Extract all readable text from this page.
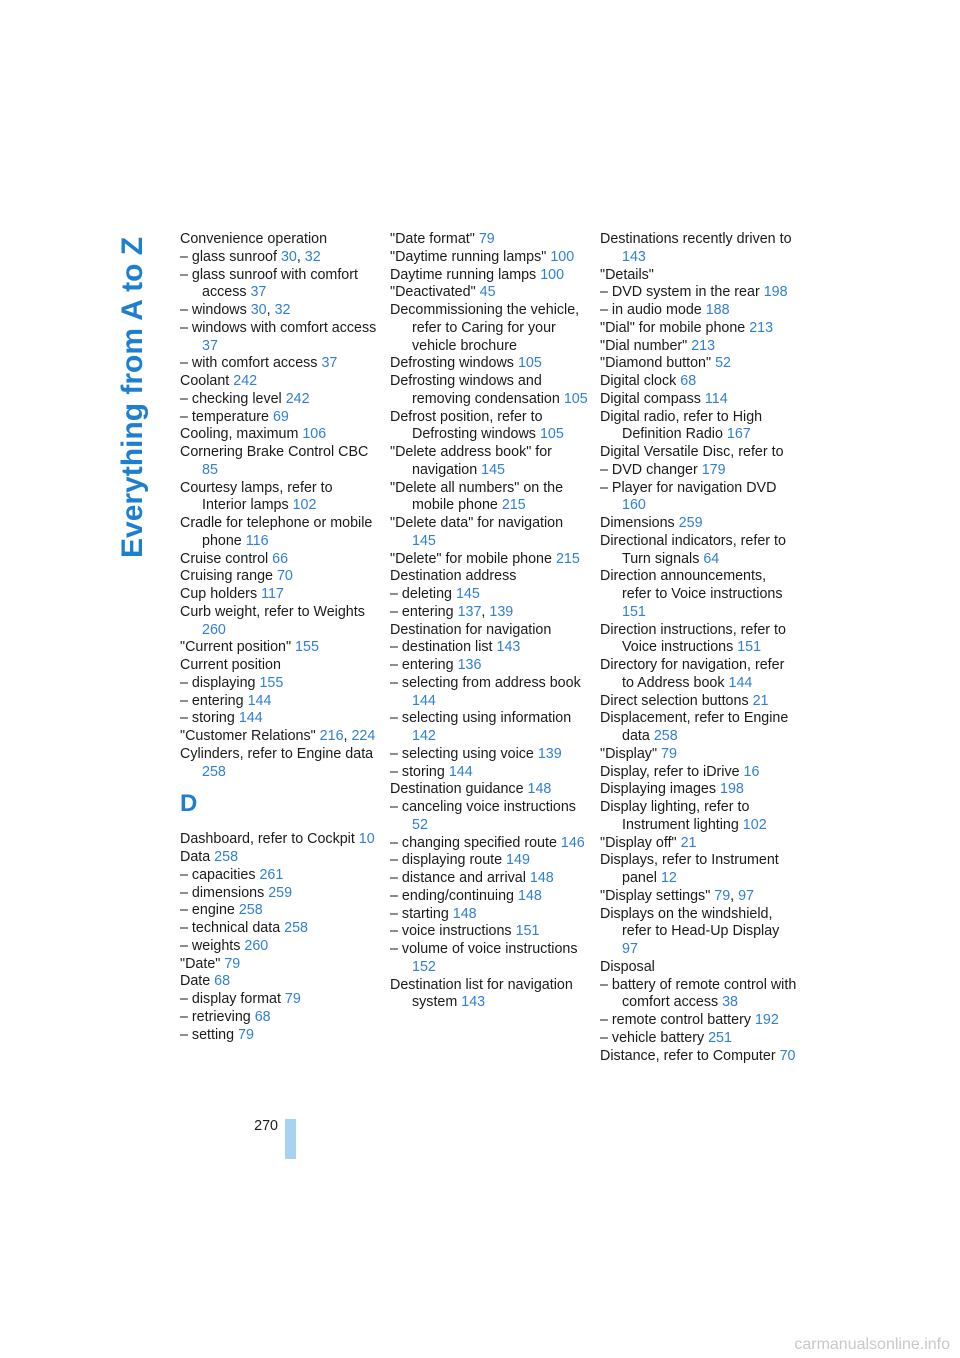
Everything from A to Z Convenience operation
– glass sunroof 30, 32
– glass sunroof with comfort access 37
– windows 30, 32
– windows with comfort access 37
– with comfort access 37
Coolant 242
– checking level 242
– temperature 69
Cooling, maximum 106
Cornering Brake Control CBC 85
Courtesy lamps, refer to Interior lamps 102
Cradle for telephone or mobile phone 116
Cruise control 66
Cruising range 70
Cup holders 117
Curb weight, refer to Weights 260
"Current position" 155
Current position
– displaying 155
– entering 144
– storing 144
"Customer Relations" 216, 224
Cylinders, refer to Engine data 258
D
Dashboard, refer to Cockpit 10
Data 258
– capacities 261
– dimensions 259
– engine 258
– technical data 258
– weights 260
"Date" 79
Date 68
– display format 79
– retrieving 68
– setting 79
"Date format" 79
"Daytime running lamps" 100
Daytime running lamps 100
"Deactivated" 45
Decommissioning the vehicle, refer to Caring for your vehicle brochure
Defrosting windows 105
Defrosting windows and removing condensation 105
Defrost position, refer to Defrosting windows 105
"Delete address book" for navigation 145
"Delete all numbers" on the mobile phone 215
"Delete data" for navigation 145
"Delete" for mobile phone 215
Destination address
– deleting 145
– entering 137, 139
Destination for navigation
– destination list 143
– entering 136
– selecting from address book 144
– selecting using information 142
– selecting using voice 139
– storing 144
Destination guidance 148
– canceling voice instructions 52
– changing specified route 146
– displaying route 149
– distance and arrival 148
– ending/continuing 148
– starting 148
– voice instructions 151
– volume of voice instructions 152
Destination list for navigation system 143
Destinations recently driven to 143
"Details"
– DVD system in the rear 198
– in audio mode 188
"Dial" for mobile phone 213
"Dial number" 213
"Diamond button" 52
Digital clock 68
Digital compass 114
Digital radio, refer to High Definition Radio 167
Digital Versatile Disc, refer to
– DVD changer 179
– Player for navigation DVD 160
Dimensions 259
Directional indicators, refer to Turn signals 64
Direction announcements, refer to Voice instructions 151
Direction instructions, refer to Voice instructions 151
Directory for navigation, refer to Address book 144
Direct selection buttons 21
Displacement, refer to Engine data 258
"Display" 79
Display, refer to iDrive 16
Displaying images 198
Display lighting, refer to Instrument lighting 102
"Display off" 21
Displays, refer to Instrument panel 12
"Display settings" 79, 97
Displays on the windshield, refer to Head-Up Display 97
Disposal
– battery of remote control with comfort access 38
– remote control battery 192
– vehicle battery 251
Distance, refer to Computer 70
270
carmanualsonline.info
